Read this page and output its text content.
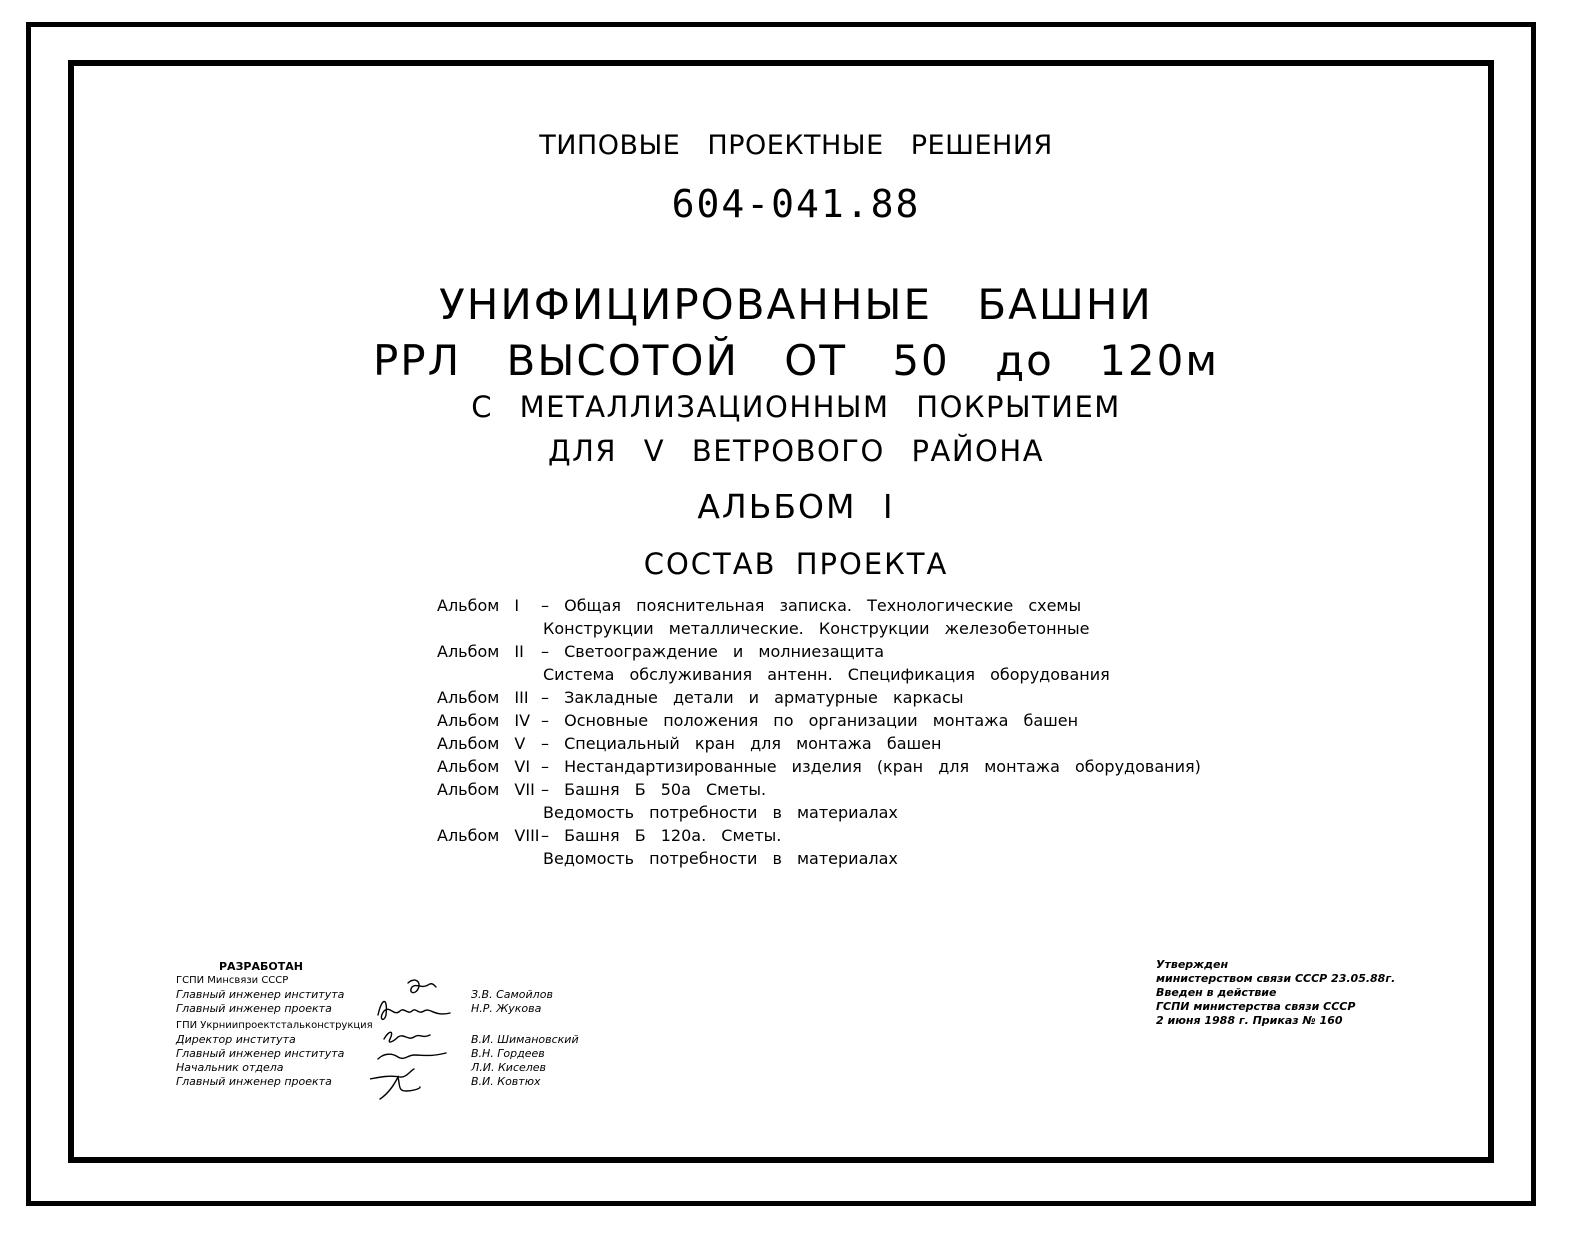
ТИПОВЫЕ ПРОЕКТНЫЕ РЕШЕНИЯ
604-041.88
УНИФИЦИРОВАННЫЕ БАШНИ
РРЛ ВЫСОТОЙ ОТ 50 до 120м
С МЕТАЛЛИЗАЦИОННЫМ ПОКРЫТИЕМ
ДЛЯ V ВЕТРОВОГО РАЙОНА
АЛЬБОМ I
СОСТАВ ПРОЕКТА
Альбом I	– Общая пояснительная записка. Технологические схемы
Конструкции металлические. Конструкции железобетонные
Альбом II	– Светоограждение и молниезащита
Система обслуживания антенн. Спецификация оборудования
Альбом III	– Закладные детали и арматурные каркасы
Альбом IV	– Основные положения по организации монтажа башен
Альбом V	– Специальный кран для монтажа башен
Альбом VI	– Нестандартизированные изделия (кран для монтажа оборудования)
Альбом VII	– Башня Б 50а Сметы.
Ведомость потребности в материалах
Альбом VIII	– Башня Б 120а. Сметы.
Ведомость потребности в материалах
РАЗРАБОТАН
ГСПИ Минсвязи СССР
Главный инженер института	З.В. Самойлов
Главный инженер проекта	Н.Р. Жукова
ГПИ Укрниипроектстальконструкция
Директор института	В.И. Шимановский
Главный инженер института	В.Н. Гордеев
Начальник отдела	Л.И. Киселев
Главный инженер проекта	В.И. Ковтюх
Утвержден
министерством связи СССР 23.05.88г.
Введен в действие
ГСПИ министерства связи СССР
2 июня 1988 г. Приказ № 160
